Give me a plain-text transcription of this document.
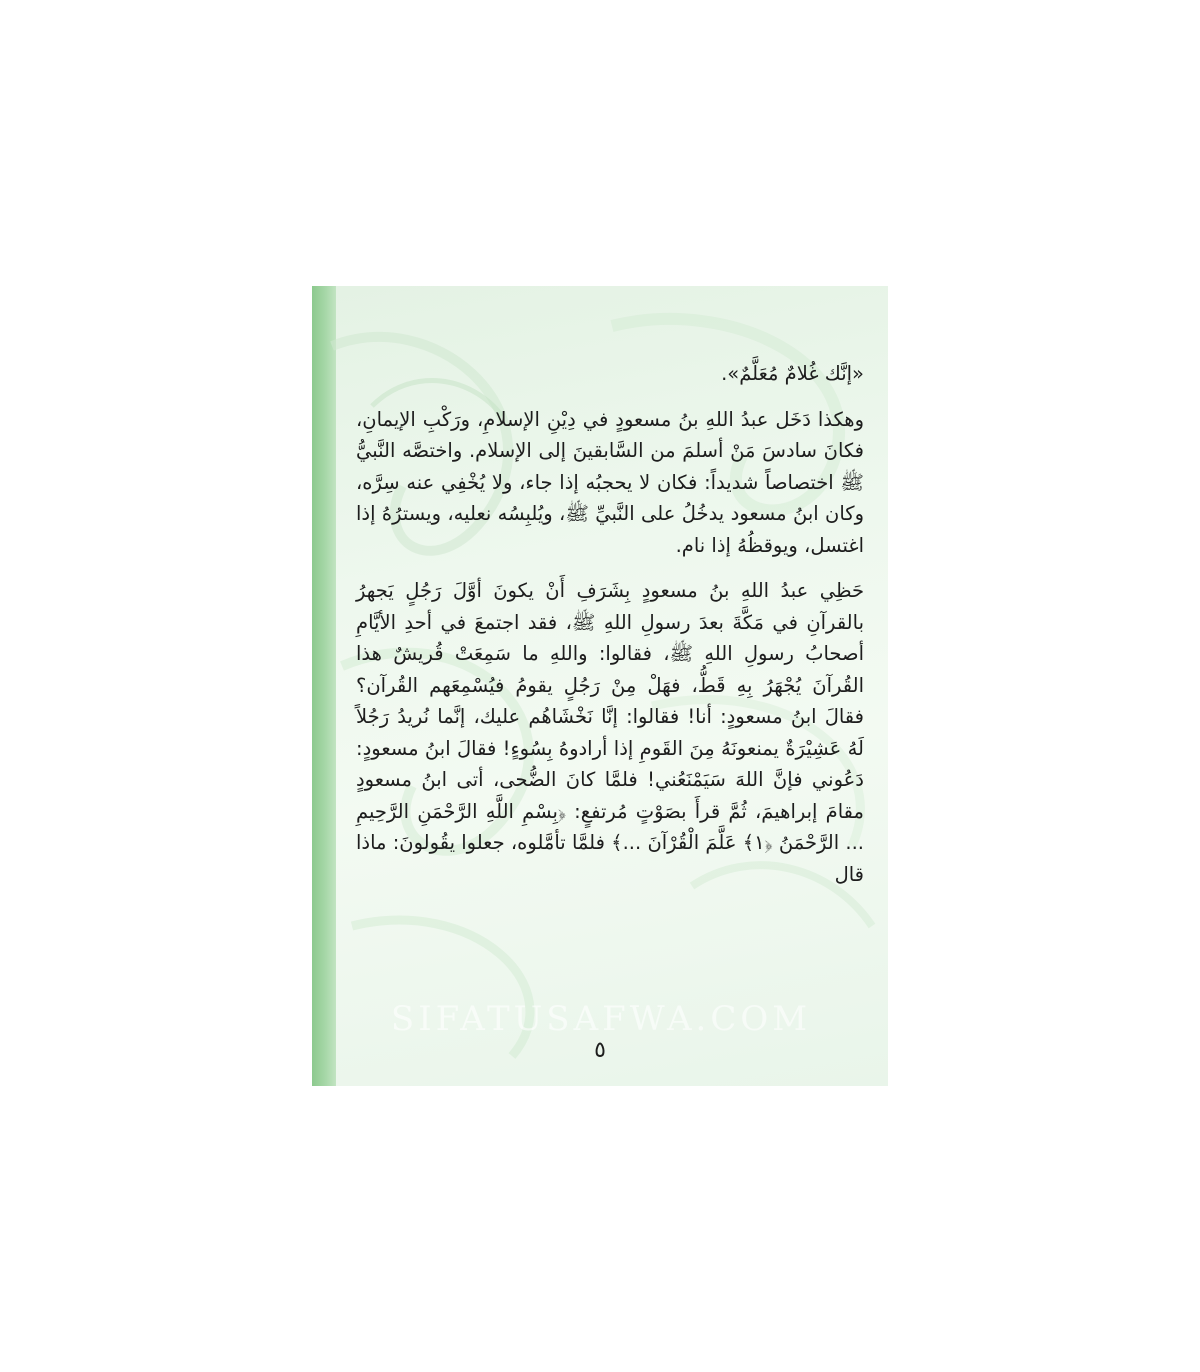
«إنَّك غُلامٌ مُعَلَّمٌ».

وهكذا دَخَل عبدُ اللهِ بنُ مسعودٍ في دِيْنِ الإسلامِ، ورَكْبِ الإيمانِ، فكانَ سادسَ مَنْ أسلمَ من السَّابقينَ إلى الإسلام. واختصَّه النَّبيُّ ﷺ اختصاصاً شديداً: فكان لا يحجبُه إذا جاء، ولا يُخْفِي عنه سِرَّه، وكان ابنُ مسعود يدخُلُ على النَّبيِّ ﷺ، ويُلبِسُه نعليه، ويسترُهُ إذا اغتسل، ويوقظُهُ إذا نام.

حَظِي عبدُ اللهِ بنُ مسعودٍ بِشَرَفِ أَنْ يكونَ أوَّلَ رَجُلٍ يَجهرُ بالقرآنِ في مَكَّةَ بعدَ رسولِ اللهِ ﷺ، فقد اجتمعَ في أحدِ الأيَّامِ أصحابُ رسولِ اللهِ ﷺ، فقالوا: واللهِ ما سَمِعَتْ قُريشٌ هذا القُرآنَ يُجْهَرُ بِهِ قَطُّ، فهَلْ مِنْ رَجُلٍ يقومُ فيُسْمِعَهم القُرآن؟ فقالَ ابنُ مسعودٍ: أنا! فقالوا: إنَّا نَخْشَاهُم عليك، إنَّما نُريدُ رَجُلاً لَهُ عَشِيْرَةٌ يمنعونَهُ مِنَ القَومِ إذا أرادوهُ بِسُوءٍ! فقالَ ابنُ مسعودٍ: دَعُوني فإنَّ اللهَ سَيَمْنَعُني! فلمَّا كانَ الضُّحى، أتى ابنُ مسعودٍ مقامَ إبراهيمَ، ثُمَّ قرأَ بصَوْتٍ مُرتفعٍ: ﴿بِسْمِ اللَّهِ الرَّحْمَنِ الرَّحِيمِ ... الرَّحْمَنُ ﴿١﴾ عَلَّمَ الْقُرْآنَ ...﴾ فلمَّا تأمَّلوه، جعلوا يقُولونَ: ماذا قال

SIFATUSAFWA.COM
٥
